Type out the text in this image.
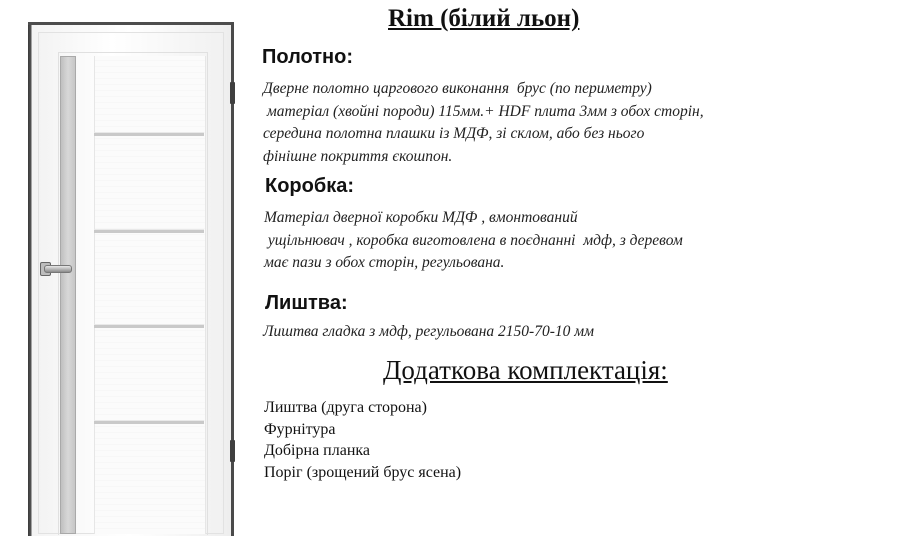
Rim (білий льон)
Полотно:

Дверне полотно царгового виконання  брус (по периметру)
матеріал (хвойні породи) 115мм.+ HDF плита 3мм з обох сторін,
середина полотна плашки із МДФ, зі склом, або без нього
фінішне покриття єкошпон.

Коробка:

Матеріал дверної коробки МДФ , вмонтований
ущільнювач , коробка виготовлена в поєднанні  мдф, з деревом
має пази з обох сторін, регульована.

Лиштва:

Лиштва гладка з мдф, регульована 2150-70-10 мм

Додаткова комплектація:
Лиштва (друга сторона)
Фурнітура
Добірна планка
Поріг (зрощений брус ясена)
